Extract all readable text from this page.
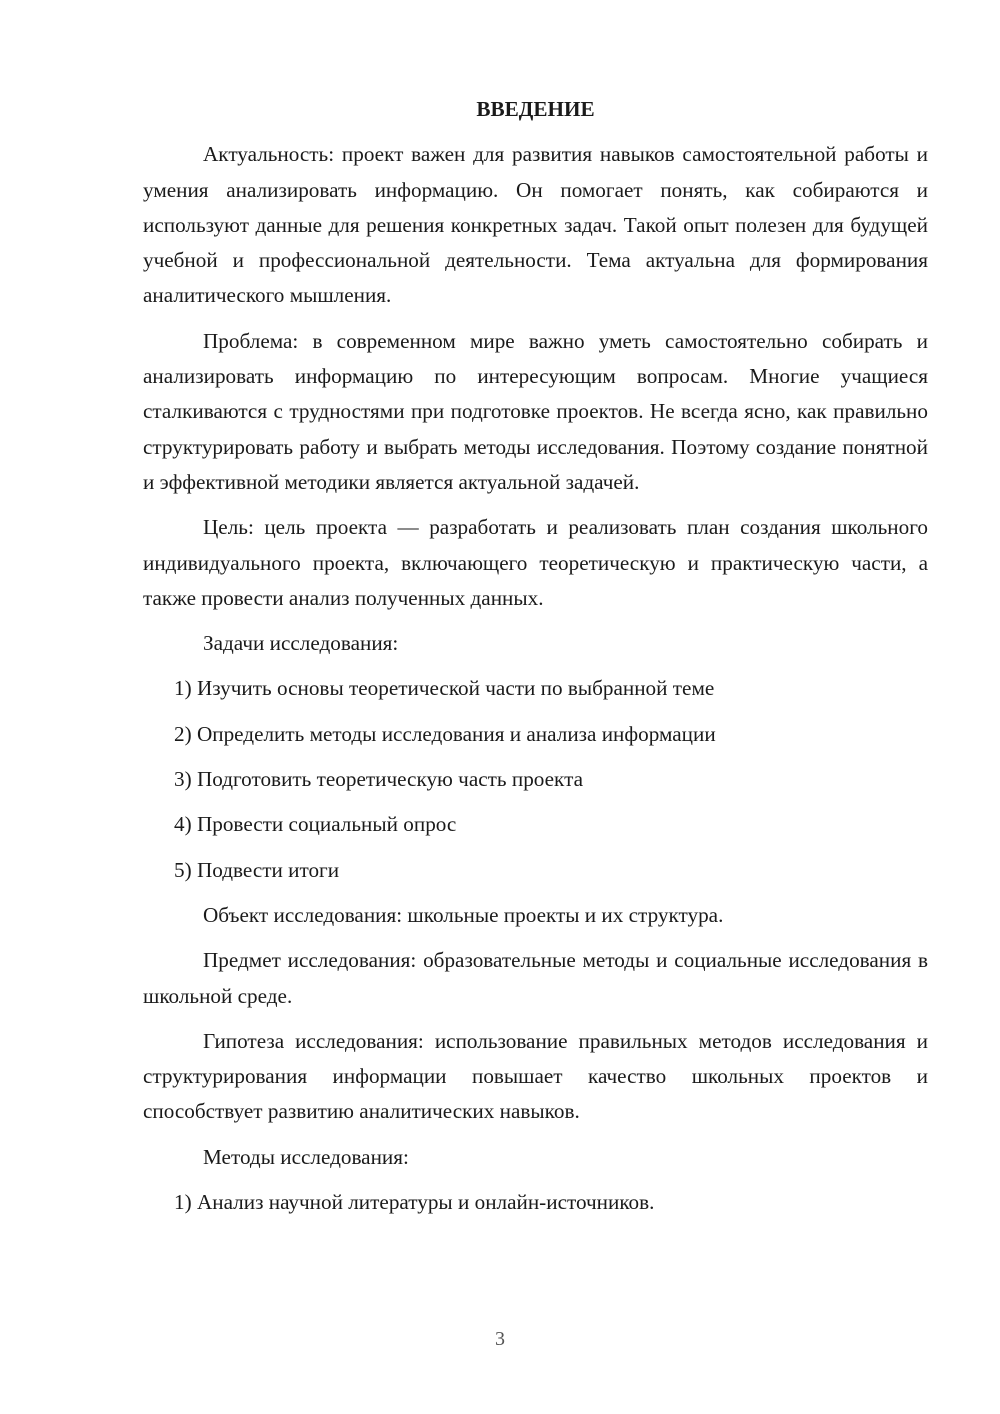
ВВЕДЕНИЕ

Актуальность: проект важен для развития навыков самостоятельной работы и умения анализировать информацию. Он помогает понять, как собираются и используют данные для решения конкретных задач. Такой опыт полезен для будущей учебной и профессиональной деятельности. Тема актуальна для формирования аналитического мышления.

Проблема: в современном мире важно уметь самостоятельно собирать и анализировать информацию по интересующим вопросам. Многие учащиеся сталкиваются с трудностями при подготовке проектов. Не всегда ясно, как правильно структурировать работу и выбрать методы исследования. Поэтому создание понятной и эффективной методики является актуальной задачей.

Цель: цель проекта — разработать и реализовать план создания школьного индивидуального проекта, включающего теоретическую и практическую части, а также провести анализ полученных данных.

Задачи исследования:

1) Изучить основы теоретической части по выбранной теме
2) Определить методы исследования и анализа информации
3) Подготовить теоретическую часть проекта
4) Провести социальный опрос
5) Подвести итоги

Объект исследования: школьные проекты и их структура.

Предмет исследования: образовательные методы и социальные исследования в школьной среде.

Гипотеза исследования: использование правильных методов исследования и структурирования информации повышает качество школьных проектов и способствует развитию аналитических навыков.

Методы исследования:

1) Анализ научной литературы и онлайн-источников.
3
